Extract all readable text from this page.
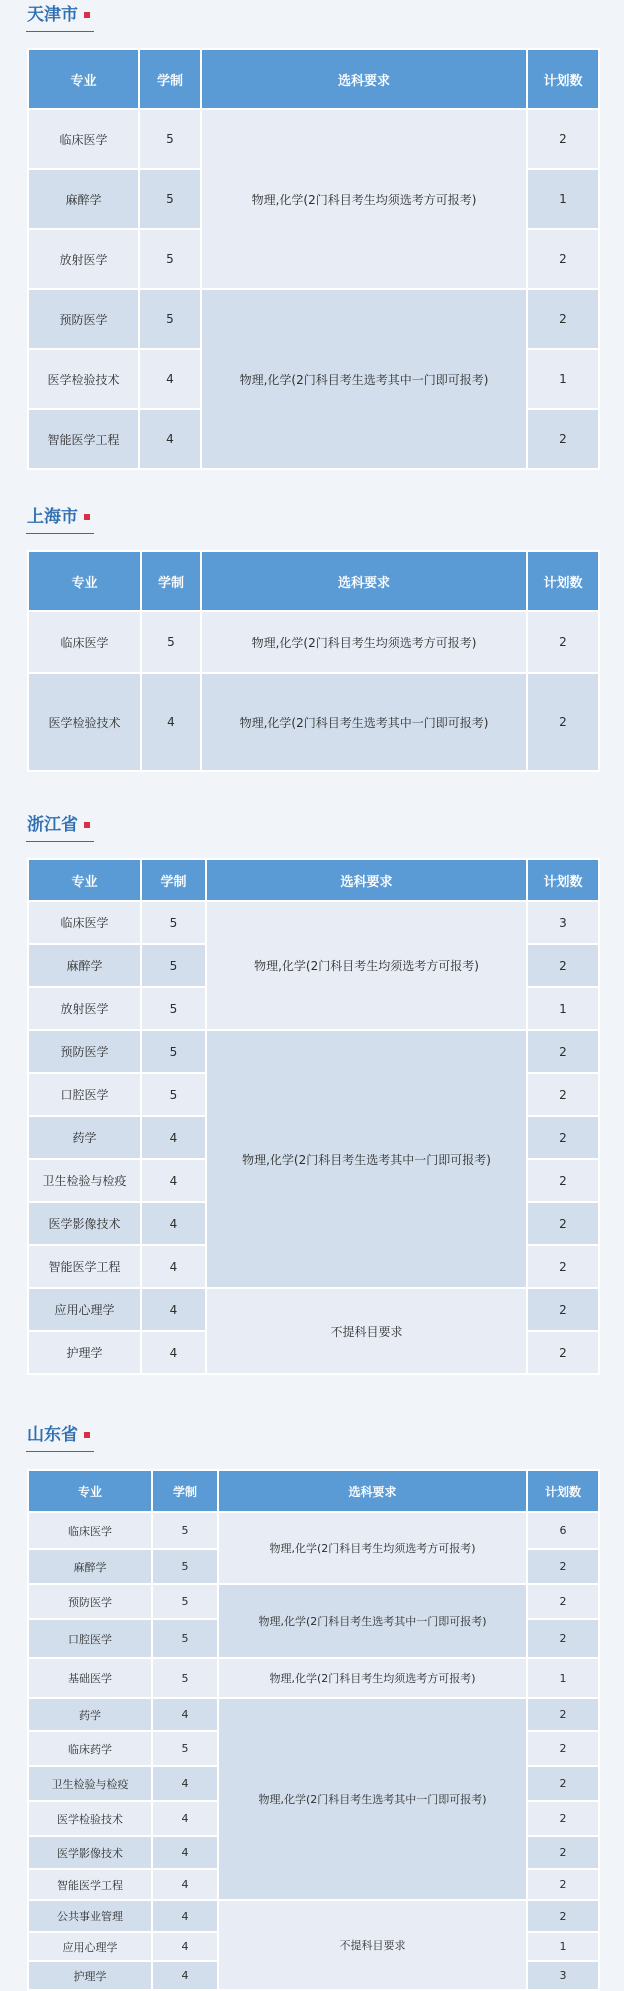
天津市
专业	学制	选科要求	计划数
临床医学	5	物理,化学(2门科目考生均须选考方可报考)	2
麻醉学	5		1
放射医学	5		2
预防医学	5	物理,化学(2门科目考生选考其中一门即可报考)	2
医学检验技术	4		1
智能医学工程	4		2
上海市
专业	学制	选科要求	计划数
临床医学	5	物理,化学(2门科目考生均须选考方可报考)	2
医学检验技术	4	物理,化学(2门科目考生选考其中一门即可报考)	2
浙江省
专业	学制	选科要求	计划数
临床医学	5	物理,化学(2门科目考生均须选考方可报考)	3
麻醉学	5		2
放射医学	5		1
预防医学	5	物理,化学(2门科目考生选考其中一门即可报考)	2
口腔医学	5		2
药学	4		2
卫生检验与检疫	4		2
医学影像技术	4		2
智能医学工程	4		2
应用心理学	4	不提科目要求	2
护理学	4		2
山东省
专业	学制	选科要求	计划数
临床医学	5	物理,化学(2门科目考生均须选考方可报考)	6
麻醉学	5		2
预防医学	5	物理,化学(2门科目考生选考其中一门即可报考)	2
口腔医学	5		2
基础医学	5	物理,化学(2门科目考生均须选考方可报考)	1
药学	4	物理,化学(2门科目考生选考其中一门即可报考)	2
临床药学	5		2
卫生检验与检疫	4		2
医学检验技术	4		2
医学影像技术	4		2
智能医学工程	4		2
公共事业管理	4	不提科目要求	2
应用心理学	4		1
护理学	4		3
